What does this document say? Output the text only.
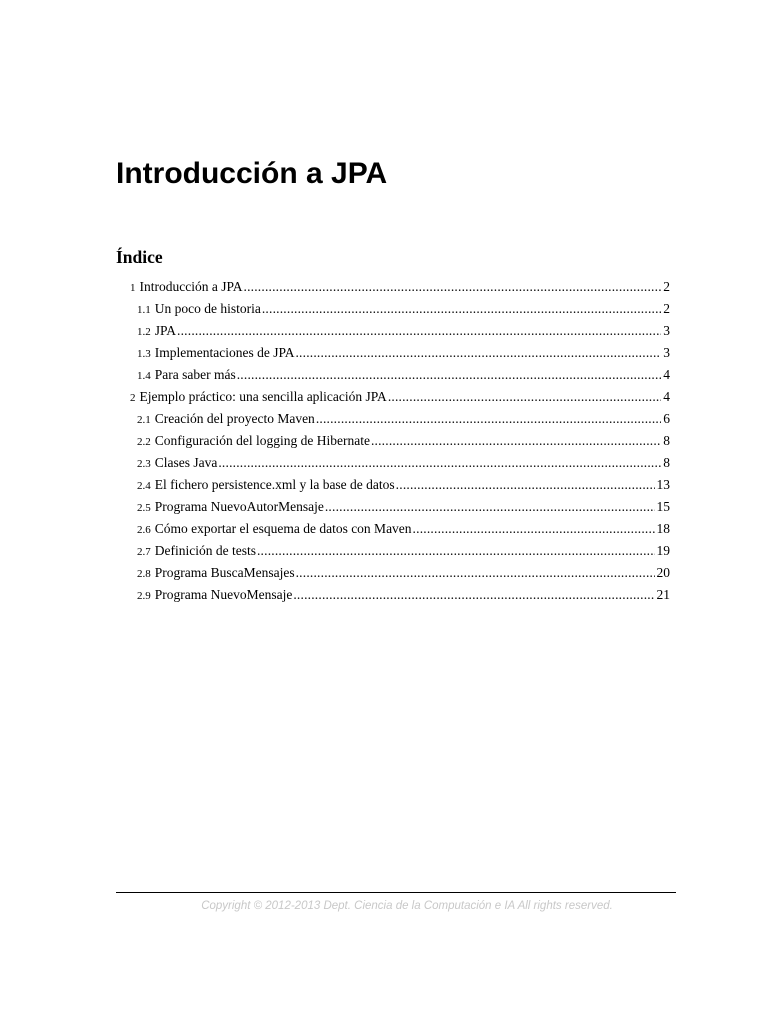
Introducción a JPA
Índice
1 Introducción a JPA .....	2
1.1 Un poco de historia .....	2
1.2 JPA .....	3
1.3 Implementaciones de JPA .....	3
1.4 Para saber más .....	4
2 Ejemplo práctico: una sencilla aplicación JPA .....	4
2.1 Creación del proyecto Maven .....	6
2.2 Configuración del logging de Hibernate .....	8
2.3 Clases Java .....	8
2.4 El fichero persistence.xml y la base de datos .....	13
2.5 Programa NuevoAutorMensaje .....	15
2.6 Cómo exportar el esquema de datos con Maven .....	18
2.7 Definición de tests .....	19
2.8 Programa BuscaMensajes .....	20
2.9 Programa NuevoMensaje .....	21

Copyright © 2012-2013 Dept. Ciencia de la Computación e IA All rights reserved.
